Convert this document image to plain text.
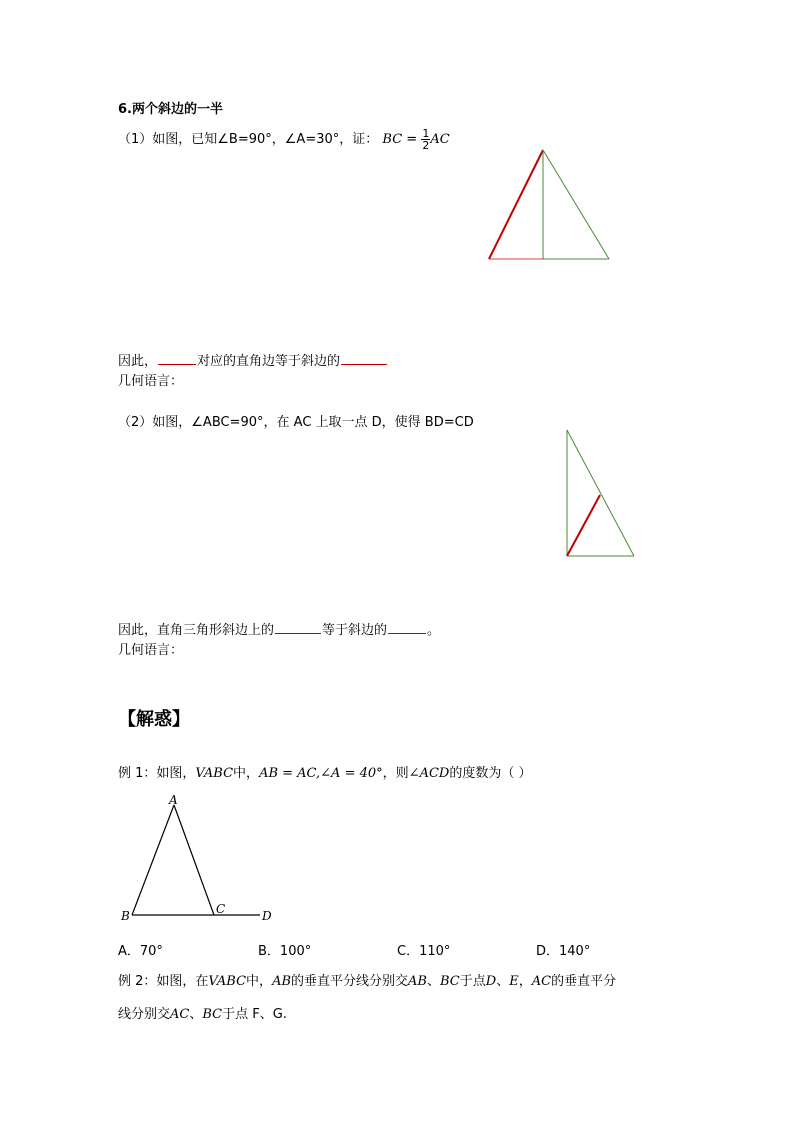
6.两个斜边的一半
（1）如图，已知∠B=90°，∠A=30°，证： BC = $\frac{1}{2}$ AC
因此，	对应的直角边等于斜边的
几何语言：
（2）如图，∠ABC=90°，在 AC 上取一点 D，使得 BD=CD
因此，直角三角形斜边上的	等于斜边的	。
几何语言：
【解惑】
例 1：如图，VABC中，AB = AC,∠A = 40°，则∠ACD的度数为（ ）
A
B	C	D
A．70°	B．100°	C．110°	D．140°
例 2：如图，在VABC中，AB的垂直平分线分别交AB、BC于点D、E，AC的垂直平分
线分别交AC、BC于点 F、G.
